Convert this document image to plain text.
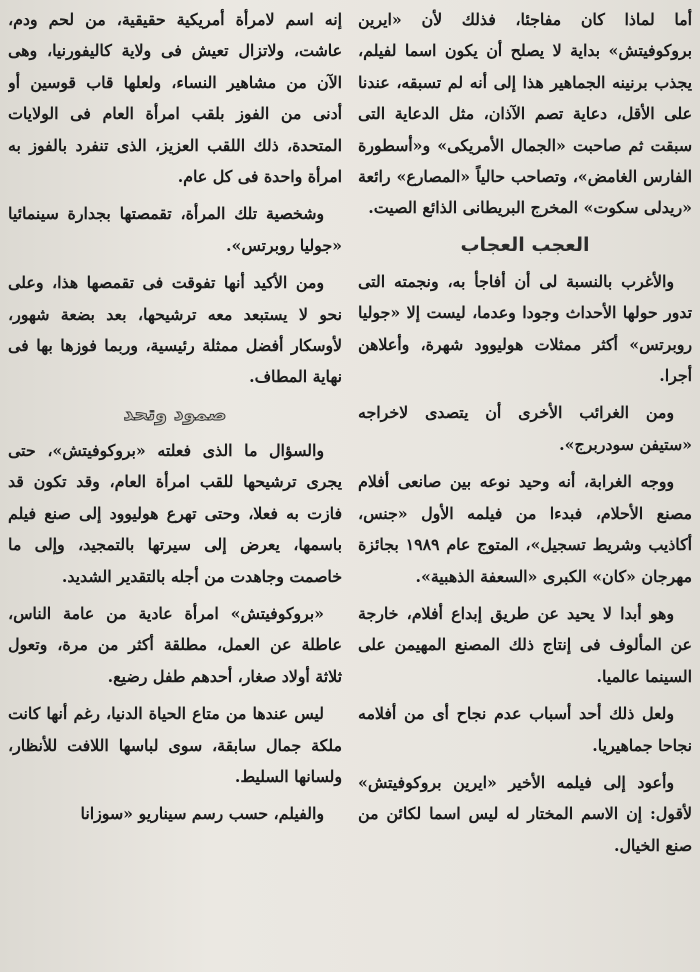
أما لماذا كان مفاجئا، فذلك لأن «ايرين بروكوفيتش» بداية لا يصلح أن يكون اسما لفيلم، يجذب برنينه الجماهير هذا إلى أنه لم تسبقه، عندنا على الأقل، دعاية تصم الآذان، مثل الدعاية التى سبقت ثم صاحبت «الجمال الأمريكى» و«أسطورة الفارس الغامض»، وتصاحب حالياً «المصارع» رائعة «ريدلى سكوت» المخرج البريطانى الذائع الصيت.

العجب العجاب

والأغرب بالنسبة لى أن أفاجأ به، ونجمته التى تدور حولها الأحداث وجودا وعدما، ليست إلا «جوليا روبرتس» أكثر ممثلات هوليوود شهرة، وأعلاهن أجرا.

ومن الغرائب الأخرى أن يتصدى لاخراجه «ستيفن سودربرج».

ووجه الغرابة، أنه وحيد نوعه بين صانعى أفلام مصنع الأحلام، فبدءا من فيلمه الأول «جنس، أكاذيب وشريط تسجيل»، المتوج عام ١٩٨٩ بجائزة مهرجان «كان» الكبرى «السعفة الذهبية».

وهو أبدا لا يحيد عن طريق إبداع أفلام، خارجة عن المألوف فى إنتاج ذلك المصنع المهيمن على السينما عالميا.

ولعل ذلك أحد أسباب عدم نجاح أى من أفلامه نجاحا جماهيريا.

وأعود إلى فيلمه الأخير «ايرين بروكوفيتش» لأقول: إن الاسم المختار له ليس اسما لكائن من صنع الخيال.

إنه اسم لامرأة أمريكية حقيقية، من لحم ودم، عاشت، ولاتزال تعيش فى ولاية كاليفورنيا، وهى الآن من مشاهير النساء، ولعلها قاب قوسين أو أدنى من الفوز بلقب امرأة العام فى الولايات المتحدة، ذلك اللقب العزيز، الذى تنفرد بالفوز به امرأة واحدة فى كل عام.

وشخصية تلك المرأة، تقمصتها بجدارة سينمائيا «جوليا روبرتس».

ومن الأكيد أنها تفوقت فى تقمصها هذا، وعلى نحو لا يستبعد معه ترشيحها، بعد بضعة شهور، لأوسكار أفضل ممثلة رئيسية، وربما فوزها بها فى نهاية المطاف.

صمود وتحد

والسؤال ما الذى فعلته «بروكوفيتش»، حتى يجرى ترشيحها للقب امرأة العام، وقد تكون قد فازت به فعلا، وحتى تهرع هوليوود إلى صنع فيلم باسمها، يعرض إلى سيرتها بالتمجيد، وإلى ما خاصمت وجاهدت من أجله بالتقدير الشديد.

«بروكوفيتش» امرأة عادية من عامة الناس، عاطلة عن العمل، مطلقة أكثر من مرة، وتعول ثلاثة أولاد صغار، أحدهم طفل رضيع.

ليس عندها من متاع الحياة الدنيا، رغم أنها كانت ملكة جمال سابقة، سوى لباسها اللافت للأنظار، ولسانها السليط.

والفيلم، حسب رسم سيناريو «سوزانا
